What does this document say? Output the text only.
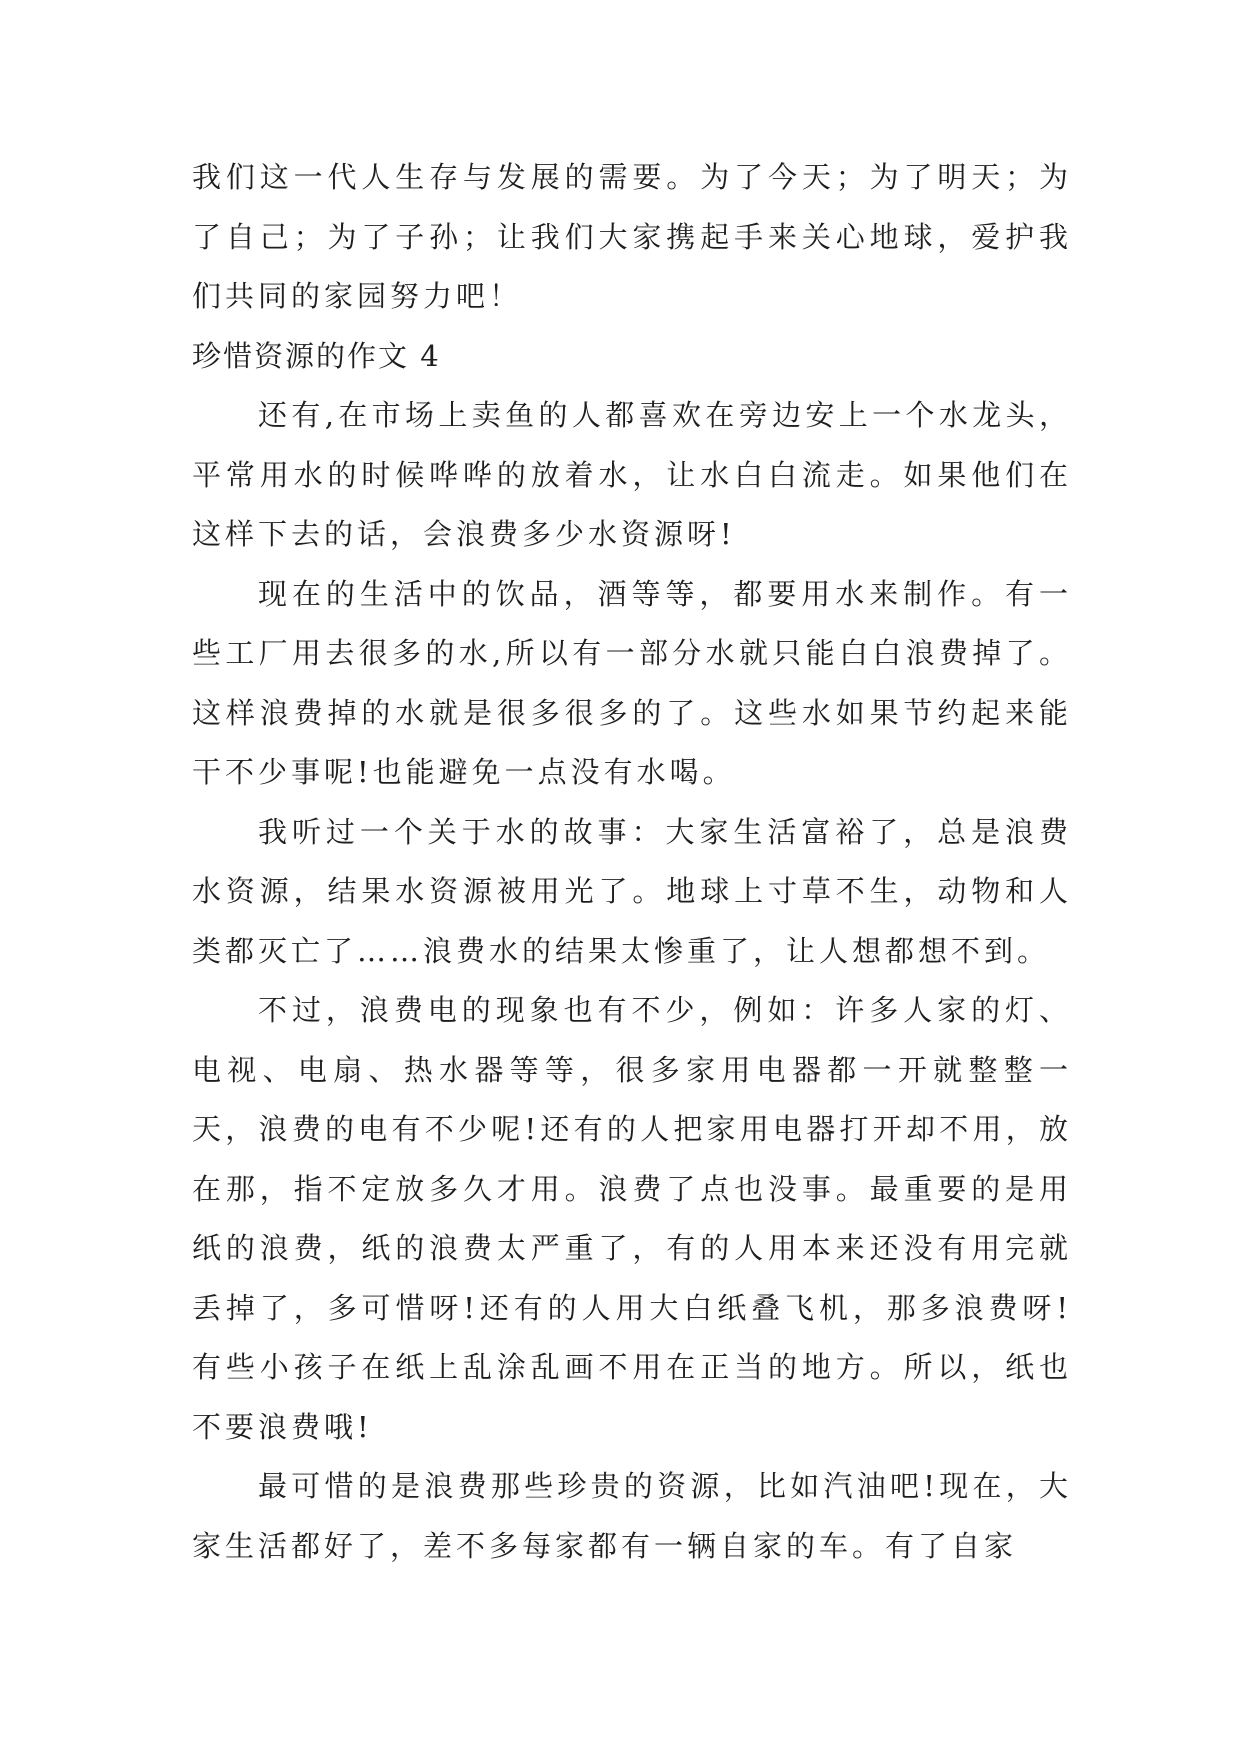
我们这一代人生存与发展的需要。为了今天；为了明天；为了自己；为了子孙；让我们大家携起手来关心地球，爱护我们共同的家园努力吧！

珍惜资源的作文 4

还有,在市场上卖鱼的人都喜欢在旁边安上一个水龙头，平常用水的时候哗哗的放着水，让水白白流走。如果他们在这样下去的话，会浪费多少水资源呀!

现在的生活中的饮品，酒等等，都要用水来制作。有一些工厂用去很多的水,所以有一部分水就只能白白浪费掉了。这样浪费掉的水就是很多很多的了。这些水如果节约起来能干不少事呢!也能避免一点没有水喝。

我听过一个关于水的故事：大家生活富裕了，总是浪费水资源，结果水资源被用光了。地球上寸草不生，动物和人类都灭亡了……浪费水的结果太惨重了，让人想都想不到。

不过，浪费电的现象也有不少，例如：许多人家的灯、电视、电扇、热水器等等，很多家用电器都一开就整整一天，浪费的电有不少呢!还有的人把家用电器打开却不用，放在那，指不定放多久才用。浪费了点也没事。最重要的是用纸的浪费，纸的浪费太严重了，有的人用本来还没有用完就丢掉了，多可惜呀!还有的人用大白纸叠飞机，那多浪费呀!有些小孩子在纸上乱涂乱画不用在正当的地方。所以，纸也不要浪费哦!

最可惜的是浪费那些珍贵的资源，比如汽油吧!现在，大家生活都好了，差不多每家都有一辆自家的车。有了自家
